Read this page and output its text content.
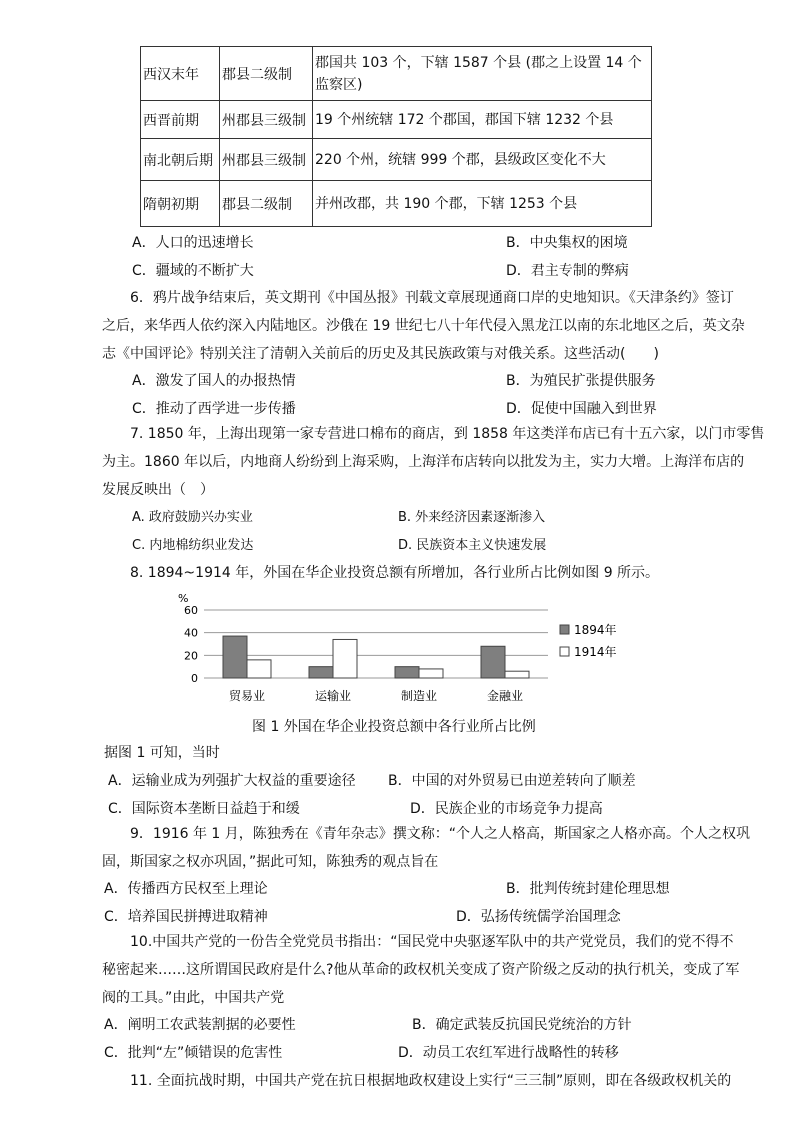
西汉末年	郡县二级制	郡国共 103 个，下辖 1587 个县 (郡之上设置 14 个监察区)
西晋前期	州郡县三级制	19 个州统辖 172 个郡国，郡国下辖 1232 个县
南北朝后期	州郡县三级制	220 个州，统辖 999 个郡，县级政区变化不大
隋朝初期	郡县二级制	并州改郡，共 190 个郡，下辖 1253 个县
A．人口的迅速增长	B．中央集权的困境
C．疆域的不断扩大	D．君主专制的弊病
6．鸦片战争结束后，英文期刊《中国丛报》刊载文章展现通商口岸的史地知识。《天津条约》签订
之后，来华西人依约深入内陆地区。沙俄在 19 世纪七八十年代侵入黑龙江以南的东北地区之后，英文杂
志《中国评论》特别关注了清朝入关前后的历史及其民族政策与对俄关系。这些活动(　　)
A．激发了国人的办报热情	B．为殖民扩张提供服务
C．推动了西学进一步传播	D．促使中国融入到世界
7. 1850 年，上海出现第一家专营进口棉布的商店，到 1858 年这类洋布店已有十五六家，以门市零售
为主。1860 年以后，内地商人纷纷到上海采购，上海洋布店转向以批发为主，实力大增。上海洋布店的
发展反映出（　）
A. 政府鼓励兴办实业	B. 外来经济因素逐渐渗入
C. 内地棉纺织业发达	D. 民族资本主义快速发展
8. 1894~1914 年，外国在华企业投资总额有所增加，各行业所占比例如图 9 所示。
%
0
20
40
60
贸易业	运输业	制造业	金融业
1894年
1914年
图 1 外国在华企业投资总额中各行业所占比例
据图 1 可知，当时
A．运输业成为列强扩大权益的重要途径 B．中国的对外贸易已由逆差转向了顺差
C．国际资本垄断日益趋于和缓	D．民族企业的市场竞争力提高
9．1916 年 1 月，陈独秀在《青年杂志》撰文称：“个人之人格高，斯国家之人格亦高。个人之权巩
固，斯国家之权亦巩固，”据此可知，陈独秀的观点旨在
A．传播西方民权至上理论	B．批判传统封建伦理思想
C．培养国民拼搏进取精神	D．弘扬传统儒学治国理念
10.中国共产党的一份告全党党员书指出：“国民党中央驱逐军队中的共产党党员，我们的党不得不
秘密起来……这所谓国民政府是什么?他从革命的政权机关变成了资产阶级之反动的执行机关，变成了军
阀的工具。”由此，中国共产党
A．阐明工农武装割据的必要性	B．确定武装反抗国民党统治的方针
C．批判“左”倾错误的危害性	D．动员工农红军进行战略性的转移
11. 全面抗战时期，中国共产党在抗日根据地政权建设上实行“三三制”原则，即在各级政权机关的
